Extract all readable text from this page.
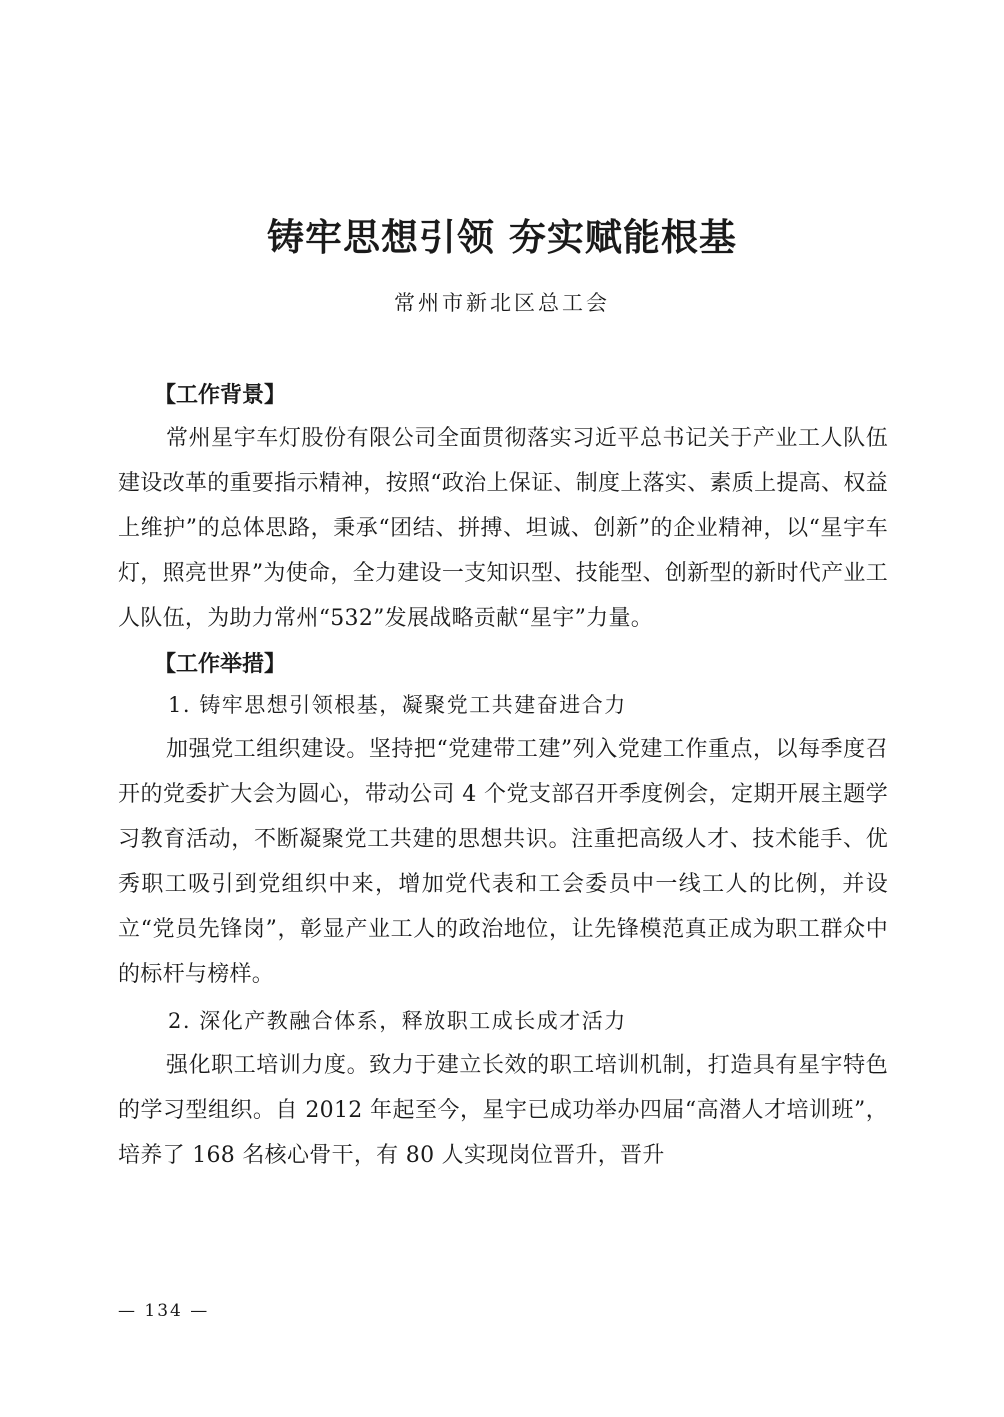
铸牢思想引领 夯实赋能根基
常州市新北区总工会

【工作背景】

常州星宇车灯股份有限公司全面贯彻落实习近平总书记关于产业工人队伍建设改革的重要指示精神，按照“政治上保证、制度上落实、素质上提高、权益上维护”的总体思路，秉承“团结、拼搏、坦诚、创新”的企业精神，以“星宇车灯，照亮世界”为使命，全力建设一支知识型、技能型、创新型的新时代产业工人队伍，为助力常州“532”发展战略贡献“星宇”力量。

【工作举措】

1. 铸牢思想引领根基，凝聚党工共建奋进合力

加强党工组织建设。坚持把“党建带工建”列入党建工作重点，以每季度召开的党委扩大会为圆心，带动公司 4 个党支部召开季度例会，定期开展主题学习教育活动，不断凝聚党工共建的思想共识。注重把高级人才、技术能手、优秀职工吸引到党组织中来，增加党代表和工会委员中一线工人的比例，并设立“党员先锋岗”，彰显产业工人的政治地位，让先锋模范真正成为职工群众中的标杆与榜样。

2. 深化产教融合体系，释放职工成长成才活力

强化职工培训力度。致力于建立长效的职工培训机制，打造具有星宇特色的学习型组织。自 2012 年起至今，星宇已成功举办四届“高潜人才培训班”，培养了 168 名核心骨干，有 80 人实现岗位晋升，晋升

— 134 —
